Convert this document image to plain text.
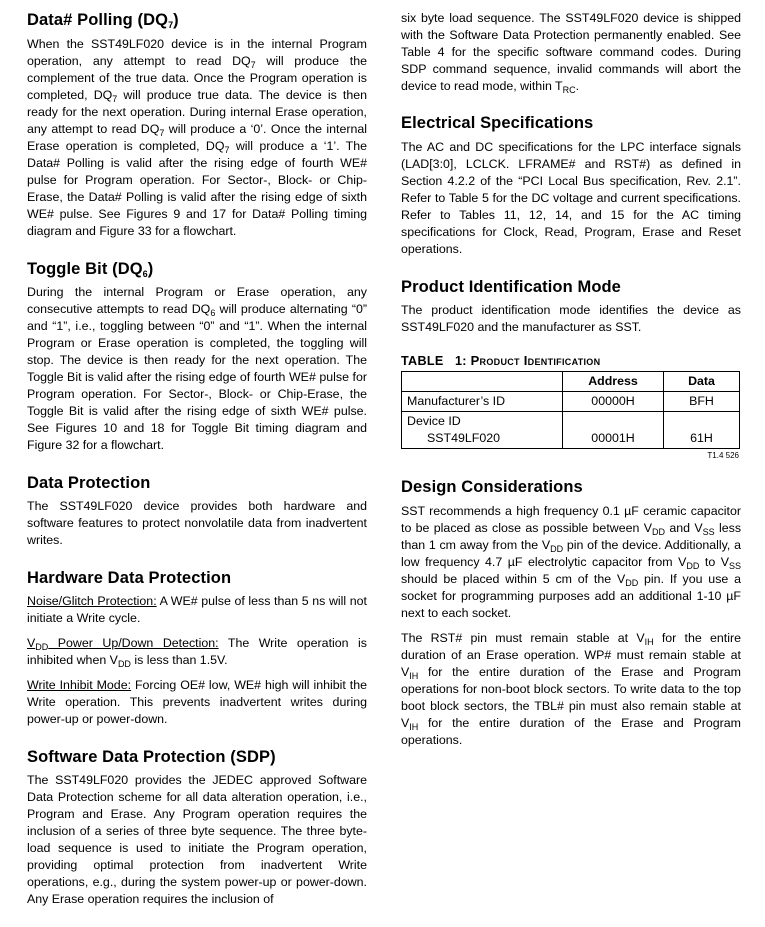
Data# Polling $(DQ_7)$

When the SST49LF020 device is in the internal Program operation, any attempt to read $DQ_7$ will produce the complement of the true data. Once the Program operation is completed, $DQ_7$ will produce true data. The device is then ready for the next operation. During internal Erase operation, any attempt to read $DQ_7$ will produce a ‘0’. Once the internal Erase operation is completed, $DQ_7$ will produce a ‘1’. The Data# Polling is valid after the rising edge of fourth WE# pulse for Program operation. For Sector-, Block- or Chip-Erase, the Data# Polling is valid after the rising edge of sixth WE# pulse. See Figures 9 and 17 for Data# Polling timing diagram and Figure 33 for a flowchart.

Toggle Bit $(DQ_6)$

During the internal Program or Erase operation, any consecutive attempts to read $DQ_6$ will produce alternating “0” and “1”, i.e., toggling between “0” and “1”. When the internal Program or Erase operation is completed, the toggling will stop. The device is then ready for the next operation. The Toggle Bit is valid after the rising edge of fourth WE# pulse for Program operation. For Sector-, Block- or Chip-Erase, the Toggle Bit is valid after the rising edge of sixth WE# pulse. See Figures 10 and 18 for Toggle Bit timing diagram and Figure 32 for a flowchart.

Data Protection

The SST49LF020 device provides both hardware and software features to protect nonvolatile data from inadvertent writes.

Hardware Data Protection

Noise/Glitch Protection: A WE# pulse of less than 5 ns will not initiate a Write cycle.

$V_{DD}$ Power Up/Down Detection: The Write operation is inhibited when $V_{DD}$ is less than 1.5V.

Write Inhibit Mode: Forcing OE# low, WE# high will inhibit the Write operation. This prevents inadvertent writes during power-up or power-down.

Software Data Protection (SDP)

The SST49LF020 provides the JEDEC approved Software Data Protection scheme for all data alteration operation, i.e., Program and Erase. Any Program operation requires the inclusion of a series of three byte sequence. The three byte-load sequence is used to initiate the Program operation, providing optimal protection from inadvertent Write operations, e.g., during the system power-up or power-down. Any Erase operation requires the inclusion of

six byte load sequence. The SST49LF020 device is shipped with the Software Data Protection permanently enabled. See Table 4 for the specific software command codes. During SDP command sequence, invalid commands will abort the device to read mode, within $T_{RC}$.

Electrical Specifications

The AC and DC specifications for the LPC interface signals (LAD[3:0], LCLCK. LFRAME# and RST#) as defined in Section 4.2.2 of the “PCI Local Bus specification, Rev. 2.1”. Refer to Table 5 for the DC voltage and current specifications. Refer to Tables 11, 12, 14, and 15 for the AC timing specifications for Clock, Read, Program, Erase and Reset operations.

Product Identification Mode

The product identification mode identifies the device as SST49LF020 and the manufacturer as SST.

TABLE 1: Product Identification
	Address	Data
Manufacturer’s ID	00000H	BFH

Device ID
SST49LF020	00001H	61H
T1.4 526
Design Considerations

SST recommends a high frequency 0.1 µF ceramic capacitor to be placed as close as possible between $V_{DD}$ and $V_{SS}$ less than 1 cm away from the $V_{DD}$ pin of the device. Additionally, a low frequency 4.7 µF electrolytic capacitor from $V_{DD}$ to $V_{SS}$ should be placed within 5 cm of the $V_{DD}$ pin. If you use a socket for programming purposes add an additional 1-10 µF next to each socket.

The RST# pin must remain stable at $V_{IH}$ for the entire duration of an Erase operation. WP# must remain stable at $V_{IH}$ for the entire duration of the Erase and Program operations for non-boot block sectors. To write data to the top boot block sectors, the TBL# pin must also remain stable at $V_{IH}$ for the entire duration of the Erase and Program operations.
